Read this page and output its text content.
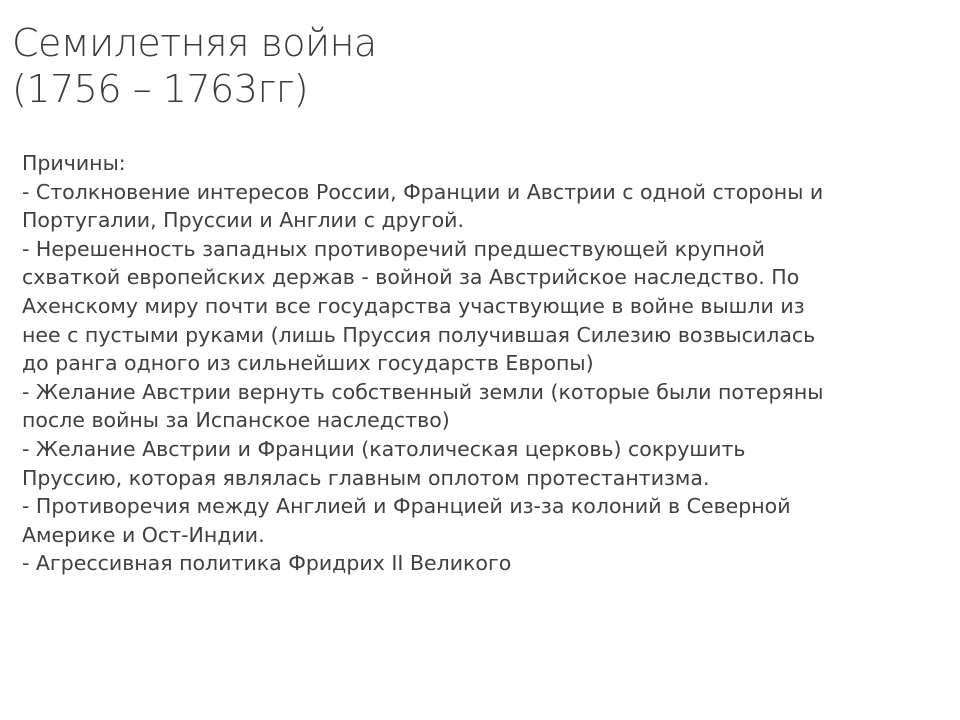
Семилетняя война
(1756 – 1763гг)
Причины:
- Столкновение интересов России, Франции и Австрии с одной стороны и
Португалии, Пруссии и Англии с другой.
- Нерешенность западных противоречий предшествующей крупной
схваткой европейских держав - войной за Австрийское наследство. По
Ахенскому миру почти все государства участвующие в войне вышли из
нее с пустыми руками (лишь Пруссия получившая Силезию возвысилась
до ранга одного из сильнейших государств Европы)
- Желание Австрии вернуть собственный земли (которые были потеряны
после войны за Испанское наследство)
- Желание Австрии и Франции (католическая церковь) сокрушить
Пруссию, которая являлась главным оплотом протестантизма.
- Противоречия между Англией и Францией из-за колоний в Северной
Америке и Ост-Индии.
- Агрессивная политика Фридрих II Великого
